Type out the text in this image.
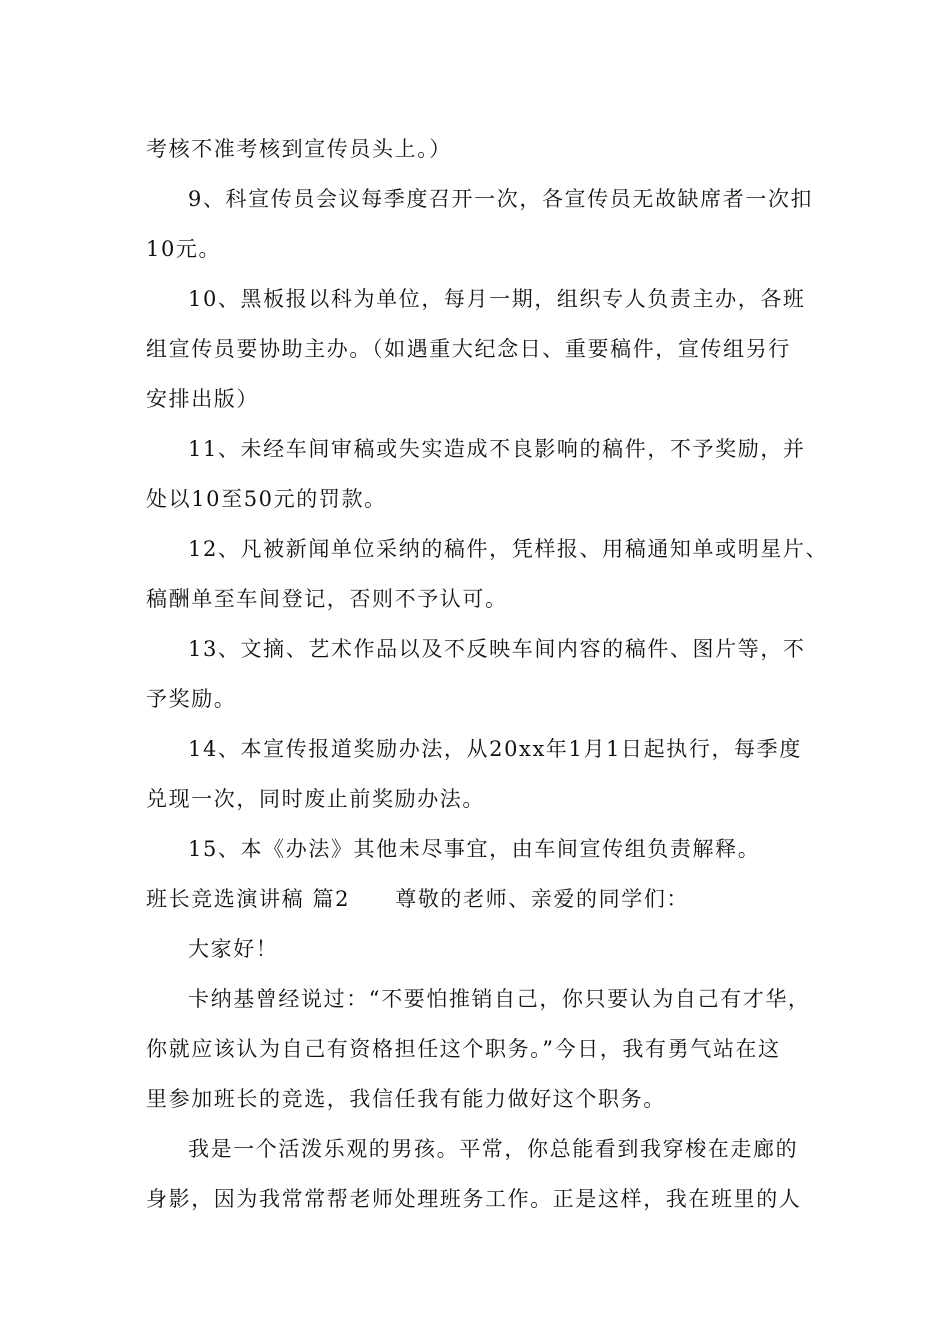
考核不准考核到宣传员头上。）
9、科宣传员会议每季度召开一次，各宣传员无故缺席者一次扣
10元。
10、黑板报以科为单位，每月一期，组织专人负责主办，各班
组宣传员要协助主办。（如遇重大纪念日、重要稿件，宣传组另行
安排出版）
11、未经车间审稿或失实造成不良影响的稿件，不予奖励，并
处以10至50元的罚款。
12、凡被新闻单位采纳的稿件，凭样报、用稿通知单或明星片、
稿酬单至车间登记，否则不予认可。
13、文摘、艺术作品以及不反映车间内容的稿件、图片等，不
予奖励。
14、本宣传报道奖励办法，从20xx年1月1日起执行，每季度
兑现一次，同时废止前奖励办法。
15、本《办法》其他未尽事宜，由车间宣传组负责解释。
班长竞选演讲稿 篇2　　尊敬的老师、亲爱的同学们：
大家好！
卡纳基曾经说过：“不要怕推销自己，你只要认为自己有才华，
你就应该认为自己有资格担任这个职务。”今日，我有勇气站在这
里参加班长的竞选，我信任我有能力做好这个职务。
我是一个活泼乐观的男孩。平常，你总能看到我穿梭在走廊的
身影，因为我常常帮老师处理班务工作。正是这样，我在班里的人
